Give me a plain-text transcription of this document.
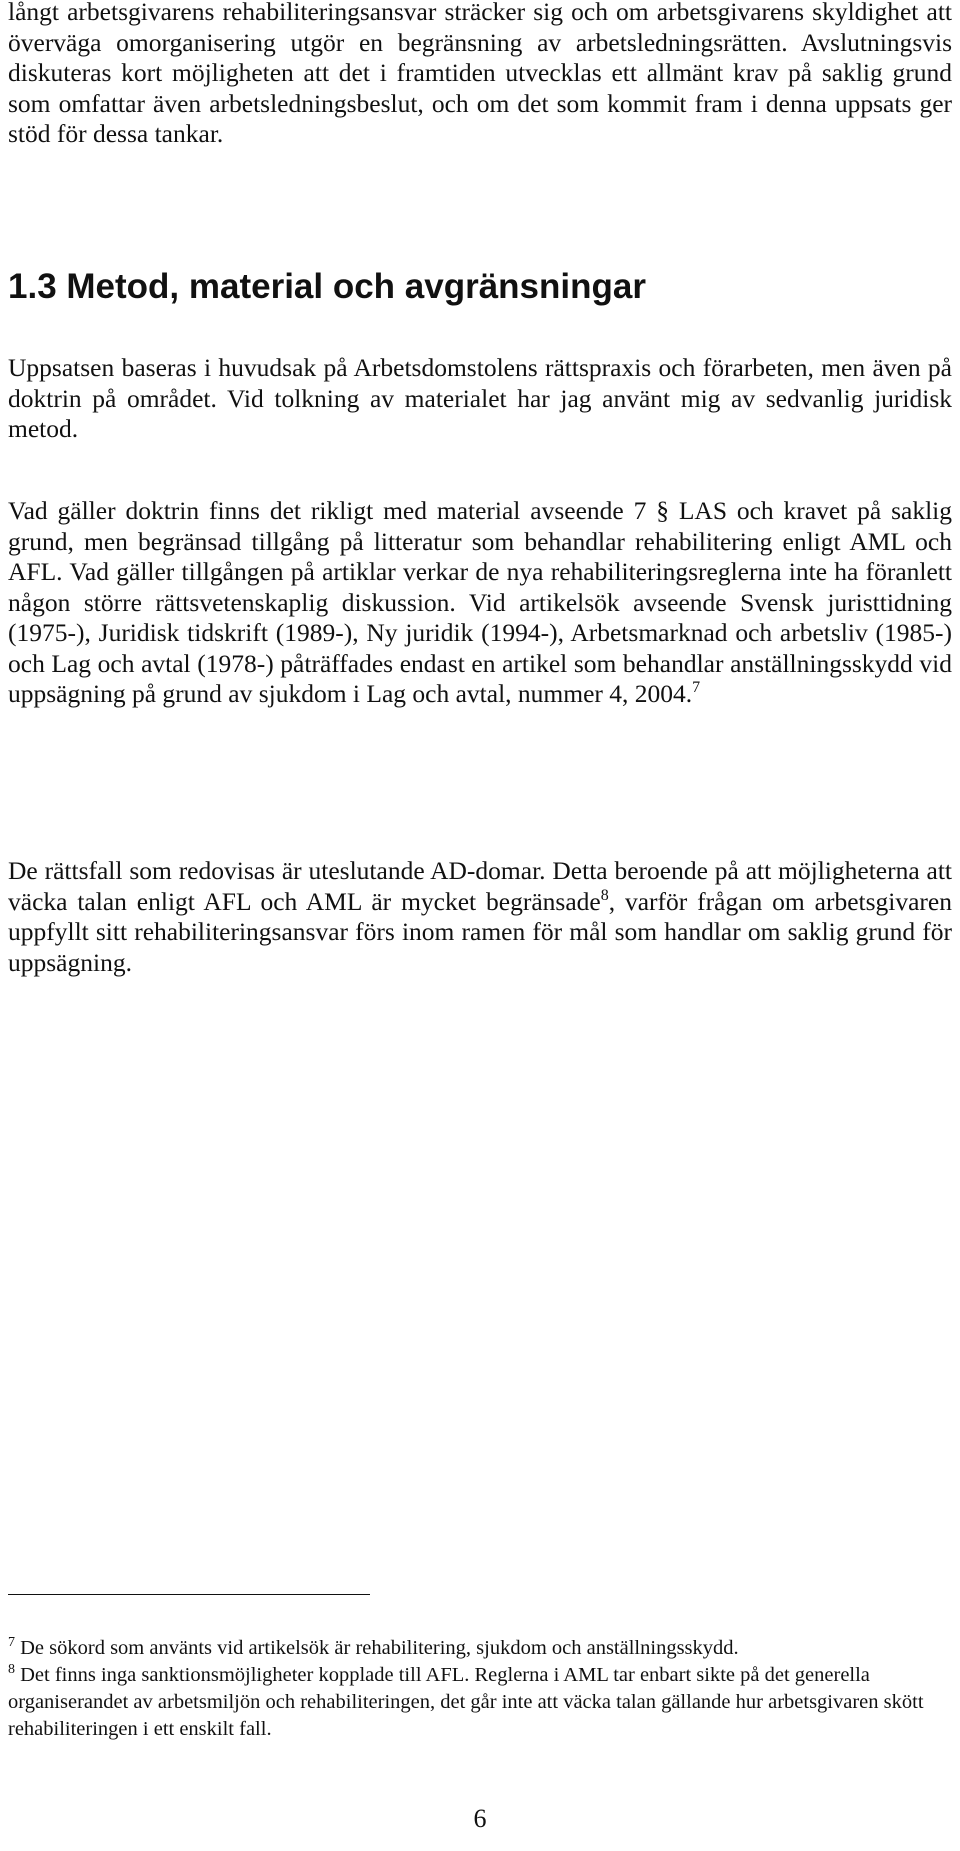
långt arbetsgivarens rehabiliteringsansvar sträcker sig och om arbetsgivarens skyldighet att överväga omorganisering utgör en begränsning av arbetsledningsrätten. Avslutningsvis diskuteras kort möjligheten att det i framtiden utvecklas ett allmänt krav på saklig grund som omfattar även arbetsledningsbeslut, och om det som kommit fram i denna uppsats ger stöd för dessa tankar.

1.3 Metod, material och avgränsningar

Uppsatsen baseras i huvudsak på Arbetsdomstolens rättspraxis och förarbeten, men även på doktrin på området. Vid tolkning av materialet har jag använt mig av sedvanlig juridisk metod.

Vad gäller doktrin finns det rikligt med material avseende 7 § LAS och kravet på saklig grund, men begränsad tillgång på litteratur som behandlar rehabilitering enligt AML och AFL. Vad gäller tillgången på artiklar verkar de nya rehabiliteringsreglerna inte ha föranlett någon större rättsvetenskaplig diskussion. Vid artikelsök avseende Svensk juristtidning (1975-), Juridisk tidskrift (1989-), Ny juridik (1994-), Arbetsmarknad och arbetsliv (1985-) och Lag och avtal (1978-) påträffades endast en artikel som behandlar anställningsskydd vid uppsägning på grund av sjukdom i Lag och avtal, nummer 4, 2004.$^7$

De rättsfall som redovisas är uteslutande AD-domar. Detta beroende på att möjligheterna att väcka talan enligt AFL och AML är mycket begränsade$^8$, varför frågan om arbetsgivaren uppfyllt sitt rehabiliteringsansvar förs inom ramen för mål som handlar om saklig grund för uppsägning.

$^7$ De sökord som använts vid artikelsök är rehabilitering, sjukdom och anställningsskydd.

$^8$ Det finns inga sanktionsmöjligheter kopplade till AFL. Reglerna i AML tar enbart sikte på det generella organiserandet av arbetsmiljön och rehabiliteringen, det går inte att väcka talan gällande hur arbetsgivaren skött rehabiliteringen i ett enskilt fall.

6
